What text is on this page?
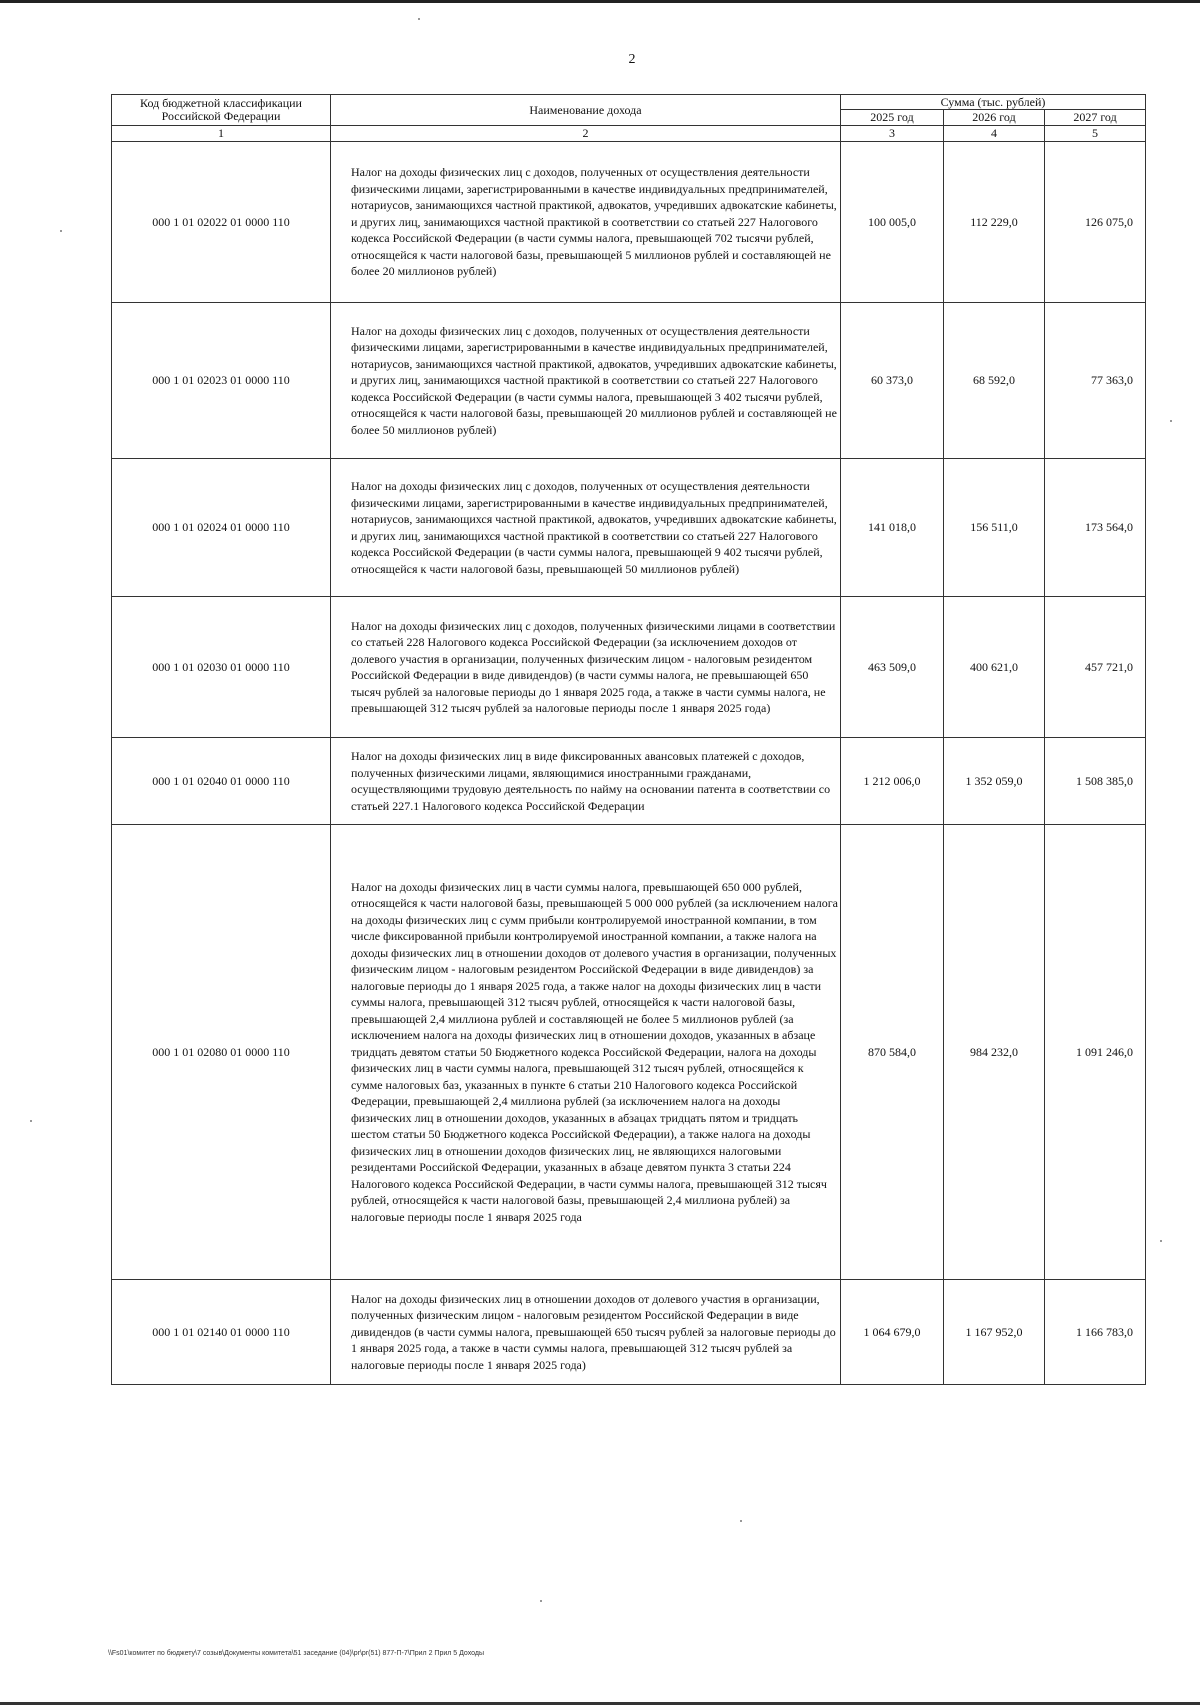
2
Код бюджетной классификации Российской Федерации	Наименование дохода	Сумма (тыс. рублей)		
		2025 год	2026 год	2027 год
1	2	3	4	5
000 1 01 02022 01 0000 110	Налог на доходы физических лиц с доходов, полученных от осуществления деятельности физическими лицами, зарегистрированными в качестве индивидуальных предпринимателей, нотариусов, занимающихся частной практикой, адвокатов, учредивших адвокатские кабинеты, и других лиц, занимающихся частной практикой в соответствии со статьей 227 Налогового кодекса Российской Федерации (в части суммы налога, превышающей 702 тысячи рублей, относящейся к части налоговой базы, превышающей 5 миллионов рублей и составляющей не более 20 миллионов рублей)	100 005,0	112 229,0	126 075,0
000 1 01 02023 01 0000 110	Налог на доходы физических лиц с доходов, полученных от осуществления деятельности физическими лицами, зарегистрированными в качестве индивидуальных предпринимателей, нотариусов, занимающихся частной практикой, адвокатов, учредивших адвокатские кабинеты, и других лиц, занимающихся частной практикой в соответствии со статьей 227 Налогового кодекса Российской Федерации (в части суммы налога, превышающей 3 402 тысячи рублей, относящейся к части налоговой базы, превышающей 20 миллионов рублей и составляющей не более 50 миллионов рублей)	60 373,0	68 592,0	77 363,0
000 1 01 02024 01 0000 110	Налог на доходы физических лиц с доходов, полученных от осуществления деятельности физическими лицами, зарегистрированными в качестве индивидуальных предпринимателей, нотариусов, занимающихся частной практикой, адвокатов, учредивших адвокатские кабинеты, и других лиц, занимающихся частной практикой в соответствии со статьей 227 Налогового кодекса Российской Федерации (в части суммы налога, превышающей 9 402 тысячи рублей, относящейся к части налоговой базы, превышающей 50 миллионов рублей)	141 018,0	156 511,0	173 564,0
000 1 01 02030 01 0000 110	Налог на доходы физических лиц с доходов, полученных физическими лицами в соответствии со статьей 228 Налогового кодекса Российской Федерации (за исключением доходов от долевого участия в организации, полученных физическим лицом - налоговым резидентом Российской Федерации в виде дивидендов) (в части суммы налога, не превышающей 650 тысяч рублей за налоговые периоды до 1 января 2025 года, а также в части суммы налога, не превышающей 312 тысяч рублей за налоговые периоды после 1 января 2025 года)	463 509,0	400 621,0	457 721,0
000 1 01 02040 01 0000 110	Налог на доходы физических лиц в виде фиксированных авансовых платежей с доходов, полученных физическими лицами, являющимися иностранными гражданами, осуществляющими трудовую деятельность по найму на основании патента в соответствии со статьей 227.1 Налогового кодекса Российской Федерации	1 212 006,0	1 352 059,0	1 508 385,0
000 1 01 02080 01 0000 110	Налог на доходы физических лиц в части суммы налога, превышающей 650 000 рублей, относящейся к части налоговой базы, превышающей 5 000 000 рублей (за исключением налога на доходы физических лиц с сумм прибыли контролируемой иностранной компании, в том числе фиксированной прибыли контролируемой иностранной компании, а также налога на доходы физических лиц в отношении доходов от долевого участия в организации, полученных физическим лицом - налоговым резидентом Российской Федерации в виде дивидендов) за налоговые периоды до 1 января 2025 года, а также налог на доходы физических лиц в части суммы налога, превышающей 312 тысяч рублей, относящейся к части налоговой базы, превышающей 2,4 миллиона рублей и составляющей не более 5 миллионов рублей (за исключением налога на доходы физических лиц в отношении доходов, указанных в абзаце тридцать девятом статьи 50 Бюджетного кодекса Российской Федерации, налога на доходы физических лиц в части суммы налога, превышающей 312 тысяч рублей, относящейся к сумме налоговых баз, указанных в пункте 6 статьи 210 Налогового кодекса Российской Федерации, превышающей 2,4 миллиона рублей (за исключением налога на доходы физических лиц в отношении доходов, указанных в абзацах тридцать пятом и тридцать шестом статьи 50 Бюджетного кодекса Российской Федерации), а также налога на доходы физических лиц в отношении доходов физических лиц, не являющихся налоговыми резидентами Российской Федерации, указанных в абзаце девятом пункта 3 статьи 224 Налогового кодекса Российской Федерации, в части суммы налога, превышающей 312 тысяч рублей, относящейся к части налоговой базы, превышающей 2,4 миллиона рублей) за налоговые периоды после 1 января 2025 года	870 584,0	984 232,0	1 091 246,0
000 1 01 02140 01 0000 110	Налог на доходы физических лиц в отношении доходов от долевого участия в организации, полученных физическим лицом - налоговым резидентом Российской Федерации в виде дивидендов (в части суммы налога, превышающей 650 тысяч рублей за налоговые периоды до 1 января 2025 года, а также в части суммы налога, превышающей 312 тысяч рублей за налоговые периоды после 1 января 2025 года)	1 064 679,0	1 167 952,0	1 166 783,0
\\Fs01\комитет по бюджету\7 созыв\Документы комитета\51 заседание (04)\pr\pr(51) 877-П-7\Прил 2 Прил 5 Доходы
